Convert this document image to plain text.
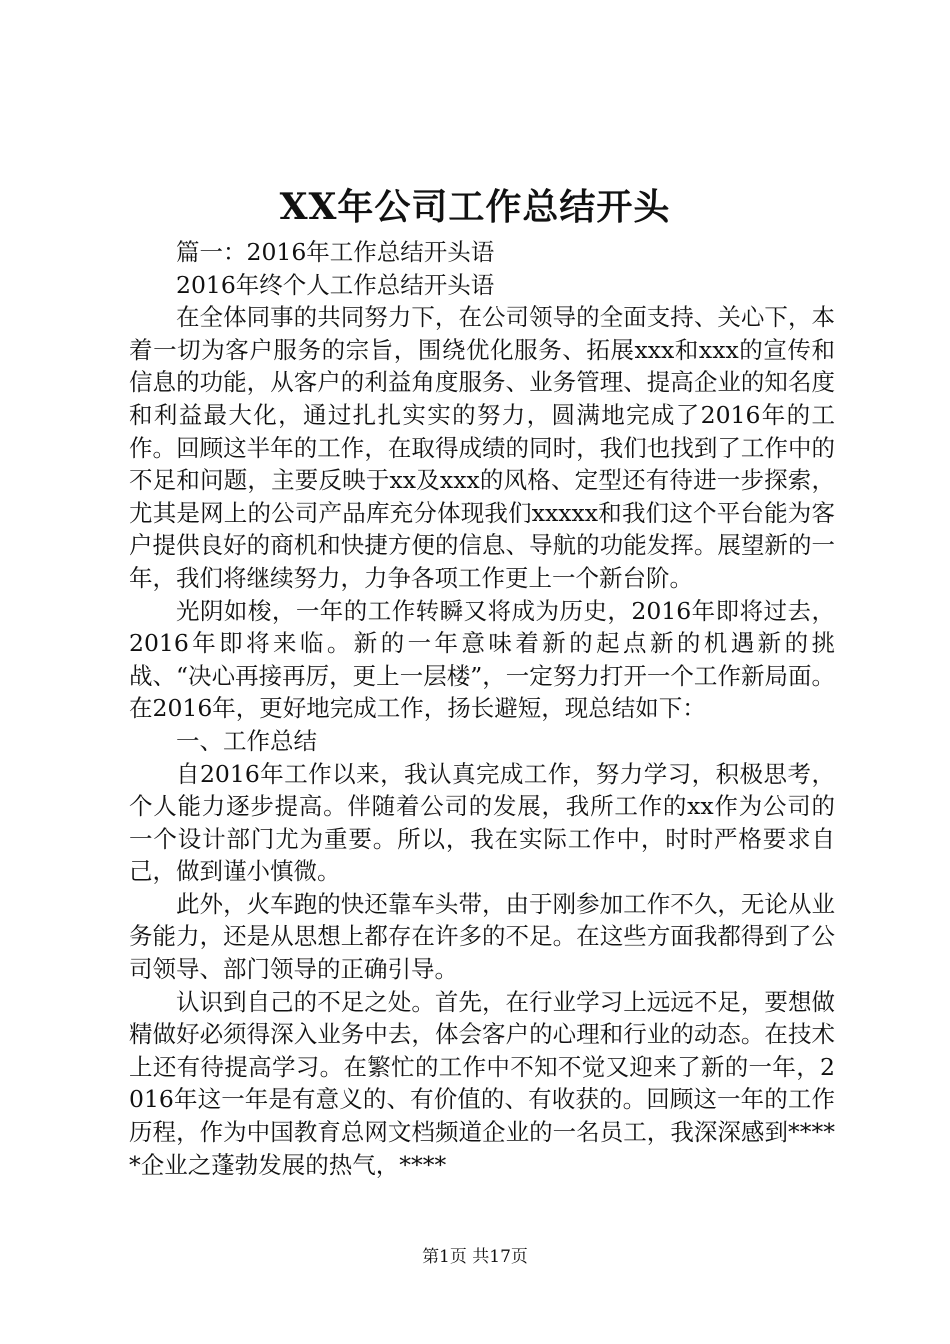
XX年公司工作总结开头

篇一：2016年工作总结开头语

2016年终个人工作总结开头语

在全体同事的共同努力下，在公司领导的全面支持、关心下，本着一切为客户服务的宗旨，围绕优化服务、拓展xxx和xxx的宣传和信息的功能，从客户的利益角度服务、业务管理、提高企业的知名度和利益最大化，通过扎扎实实的努力，圆满地完成了2016年的工作。回顾这半年的工作，在取得成绩的同时，我们也找到了工作中的不足和问题，主要反映于xx及xxx的风格、定型还有待进一步探索，尤其是网上的公司产品库充分体现我们xxxxx和我们这个平台能为客户提供良好的商机和快捷方便的信息、导航的功能发挥。展望新的一年，我们将继续努力，力争各项工作更上一个新台阶。

光阴如梭，一年的工作转瞬又将成为历史，2016年即将过去，2016年即将来临。新的一年意味着新的起点新的机遇新的挑战、“决心再接再厉，更上一层楼”，一定努力打开一个工作新局面。在2016年，更好地完成工作，扬长避短，现总结如下：

一、工作总结

自2016年工作以来，我认真完成工作，努力学习，积极思考，个人能力逐步提高。伴随着公司的发展，我所工作的xx作为公司的一个设计部门尤为重要。所以，我在实际工作中，时时严格要求自己，做到谨小慎微。

此外，火车跑的快还靠车头带，由于刚参加工作不久，无论从业务能力，还是从思想上都存在许多的不足。在这些方面我都得到了公司领导、部门领导的正确引导。

认识到自己的不足之处。首先，在行业学习上远远不足，要想做精做好必须得深入业务中去，体会客户的心理和行业的动态。在技术上还有待提高学习。在繁忙的工作中不知不觉又迎来了新的一年，2016年这一年是有意义的、有价值的、有收获的。回顾这一年的工作历程，作为中国教育总网文档频道企业的一名员工，我深深感到*****企业之蓬勃发展的热气，****

第1页 共17页
